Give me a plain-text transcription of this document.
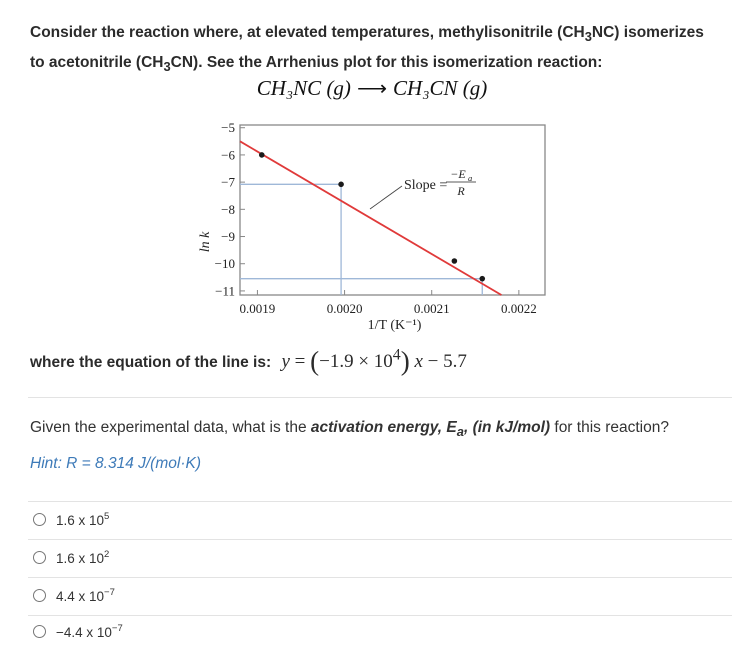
Consider the reaction where, at elevated temperatures, methylisonitrile $(CH_3NC)$ isomerizes to acetonitrile $(CH_3CN)$. See the Arrhenius plot for this isomerization reaction:
CH₃NC (g) ⟶ CH₃CN (g)
−5
−6
−7
−8
−9
−10
−11
0.0019	0.0020	0.0021	0.0022
ln k
1/T (K⁻¹)
Slope =
−E a
R
where the equation of the line is: $y = (-1.9 \times 10^4)$ x − 5.7
Given the experimental data, what is the activation energy, $E_a$, (in kJ/mol) for this reaction?
Hint: R = 8.314 J/(mol·K)
1.6 x $10^5$
1.6 x $10^2$
4.4 x $10^{-7}$
−4.4 x $10^{-7}$
